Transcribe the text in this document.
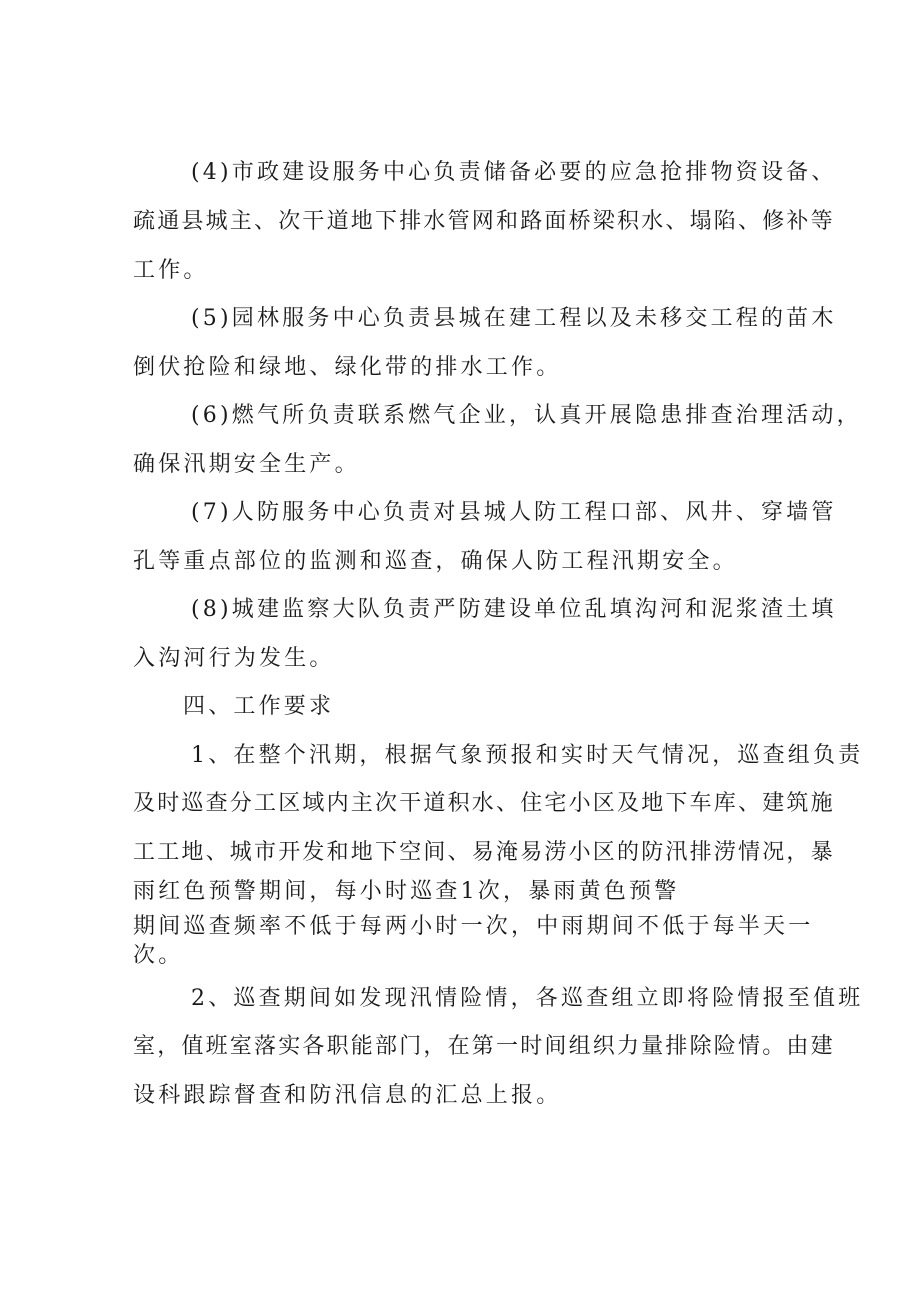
(4)市政建设服务中心负责储备必要的应急抢排物资设备、
疏通县城主、次干道地下排水管网和路面桥梁积水、塌陷、修补等
工作。
(5)园林服务中心负责县城在建工程以及未移交工程的苗木
倒伏抢险和绿地、绿化带的排水工作。
(6)燃气所负责联系燃气企业，认真开展隐患排查治理活动，
确保汛期安全生产。
(7)人防服务中心负责对县城人防工程口部、风井、穿墙管
孔等重点部位的监测和巡查，确保人防工程汛期安全。
(8)城建监察大队负责严防建设单位乱填沟河和泥浆渣土填
入沟河行为发生。
四、工作要求
1、在整个汛期，根据气象预报和实时天气情况，巡查组负责
及时巡查分工区域内主次干道积水、住宅小区及地下车库、建筑施
工工地、城市开发和地下空间、易淹易涝小区的防汛排涝情况，暴
雨红色预警期间，每小时巡查1次，暴雨黄色预警
期间巡查频率不低于每两小时一次，中雨期间不低于每半天一
次。
2、巡查期间如发现汛情险情，各巡查组立即将险情报至值班
室，值班室落实各职能部门，在第一时间组织力量排除险情。由建
设科跟踪督查和防汛信息的汇总上报。
